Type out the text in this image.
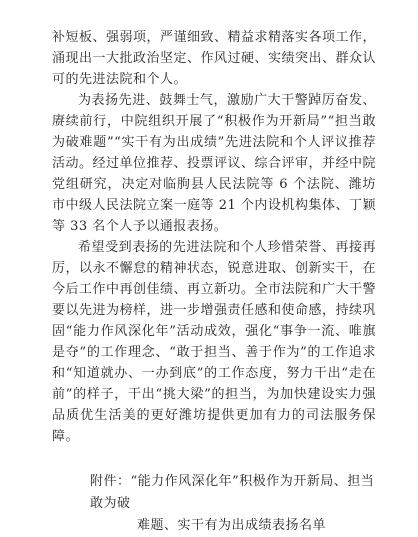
补短板、强弱项，严谨细致、精益求精落实各项工作，涌现出一大批政治坚定、作风过硬、实绩突出、群众认可的先进法院和个人。

为表扬先进、鼓舞士气，激励广大干警踔厉奋发、赓续前行，中院组织开展了“积极作为开新局”“担当敢为破难题”“实干有为出成绩”先进法院和个人评议推荐活动。经过单位推荐、投票评议、综合评审，并经中院党组研究，决定对临朐县人民法院等 6 个法院、潍坊市中级人民法院立案一庭等 21 个内设机构集体、丁颖等 33 名个人予以通报表扬。

希望受到表扬的先进法院和个人珍惜荣誉、再接再厉，以永不懈怠的精神状态，锐意进取、创新实干，在今后工作中再创佳绩、再立新功。全市法院和广大干警要以先进为榜样，进一步增强责任感和使命感，持续巩固“能力作风深化年”活动成效，强化“事争一流、唯旗是夺”的工作理念、“敢于担当、善于作为”的工作追求和“知道就办、一办到底”的工作态度，努力干出“走在前”的样子，干出“挑大梁”的担当，为加快建设实力强品质优生活美的更好潍坊提供更加有力的司法服务保障。

附件：“能力作风深化年”积极作为开新局、担当敢为破
难题、实干有为出成绩表扬名单
